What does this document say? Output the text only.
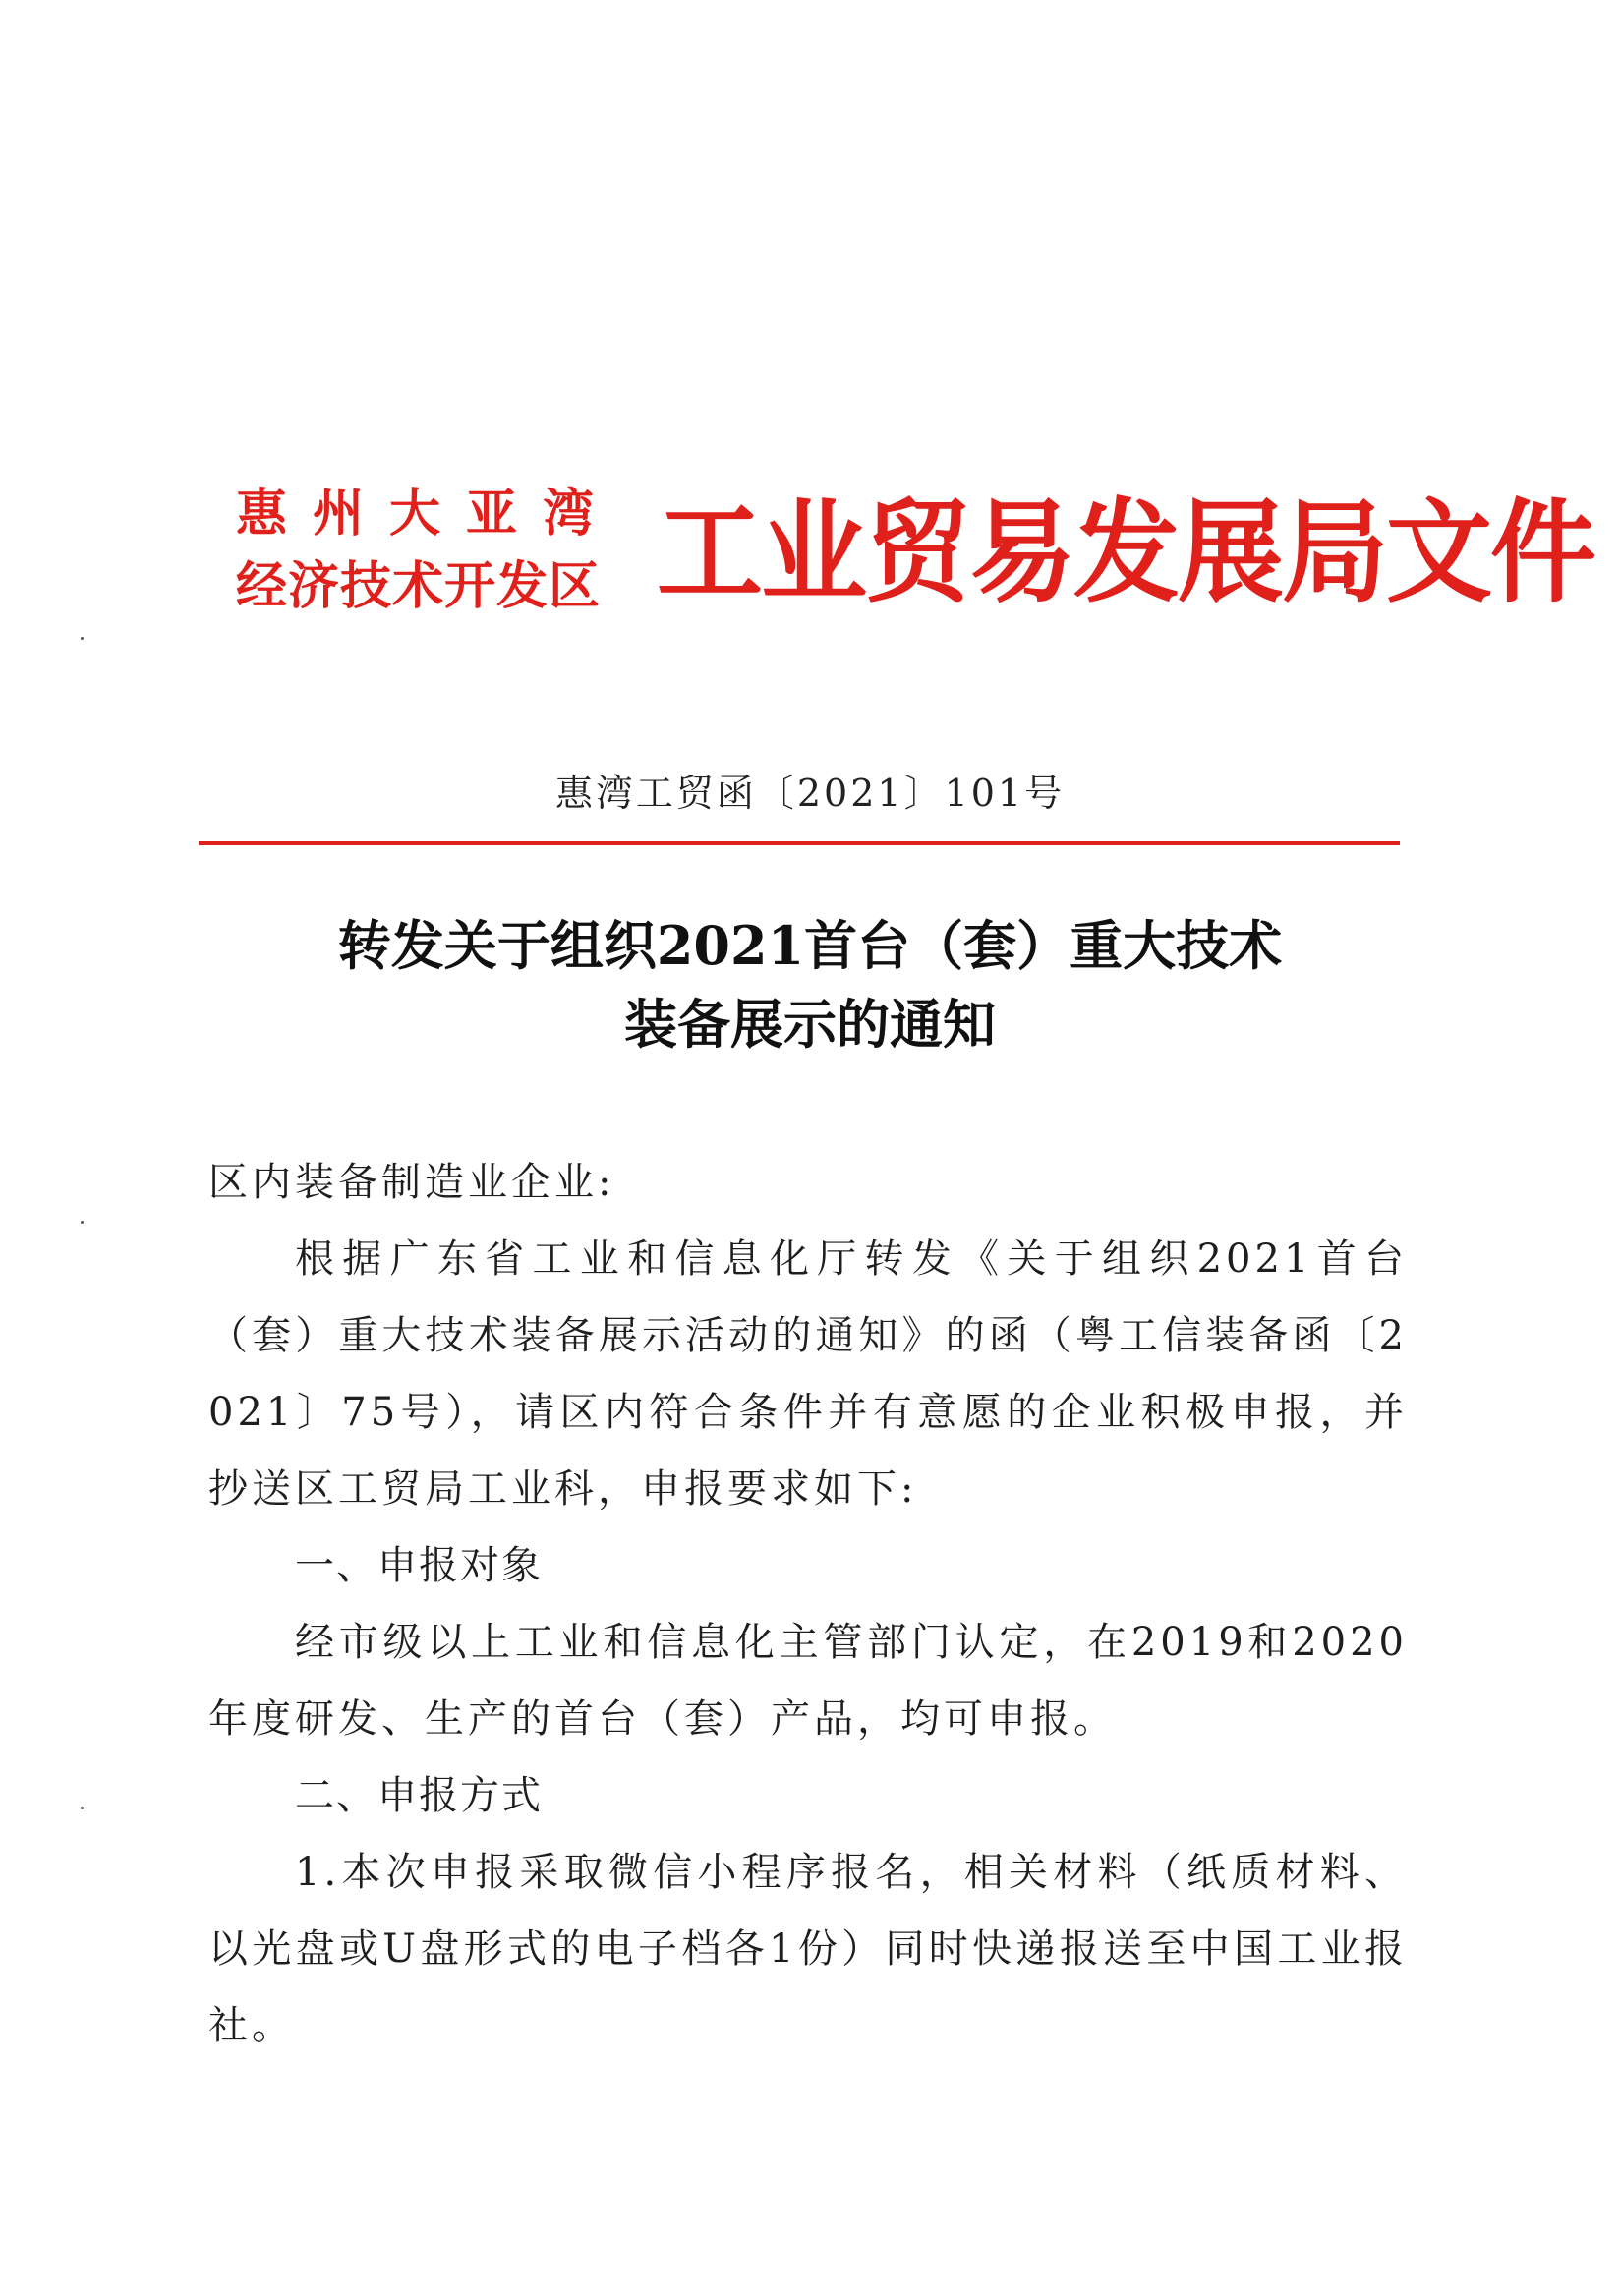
惠州大亚湾
经济技术开发区 工业贸易发展局文件
惠湾工贸函〔2021〕101号
转发关于组织2021首台（套）重大技术
装备展示的通知

区内装备制造业企业:

根据广东省工业和信息化厅转发《关于组织2021首台（套）重大技术装备展示活动的通知》的函（粤工信装备函〔2021〕75号），请区内符合条件并有意愿的企业积极申报，并抄送区工贸局工业科，申报要求如下:

一、申报对象

经市级以上工业和信息化主管部门认定，在2019和2020年度研发、生产的首台（套）产品，均可申报。

二、申报方式

1.本次申报采取微信小程序报名，相关材料（纸质材料、以光盘或U盘形式的电子档各1份）同时快递报送至中国工业报社。
